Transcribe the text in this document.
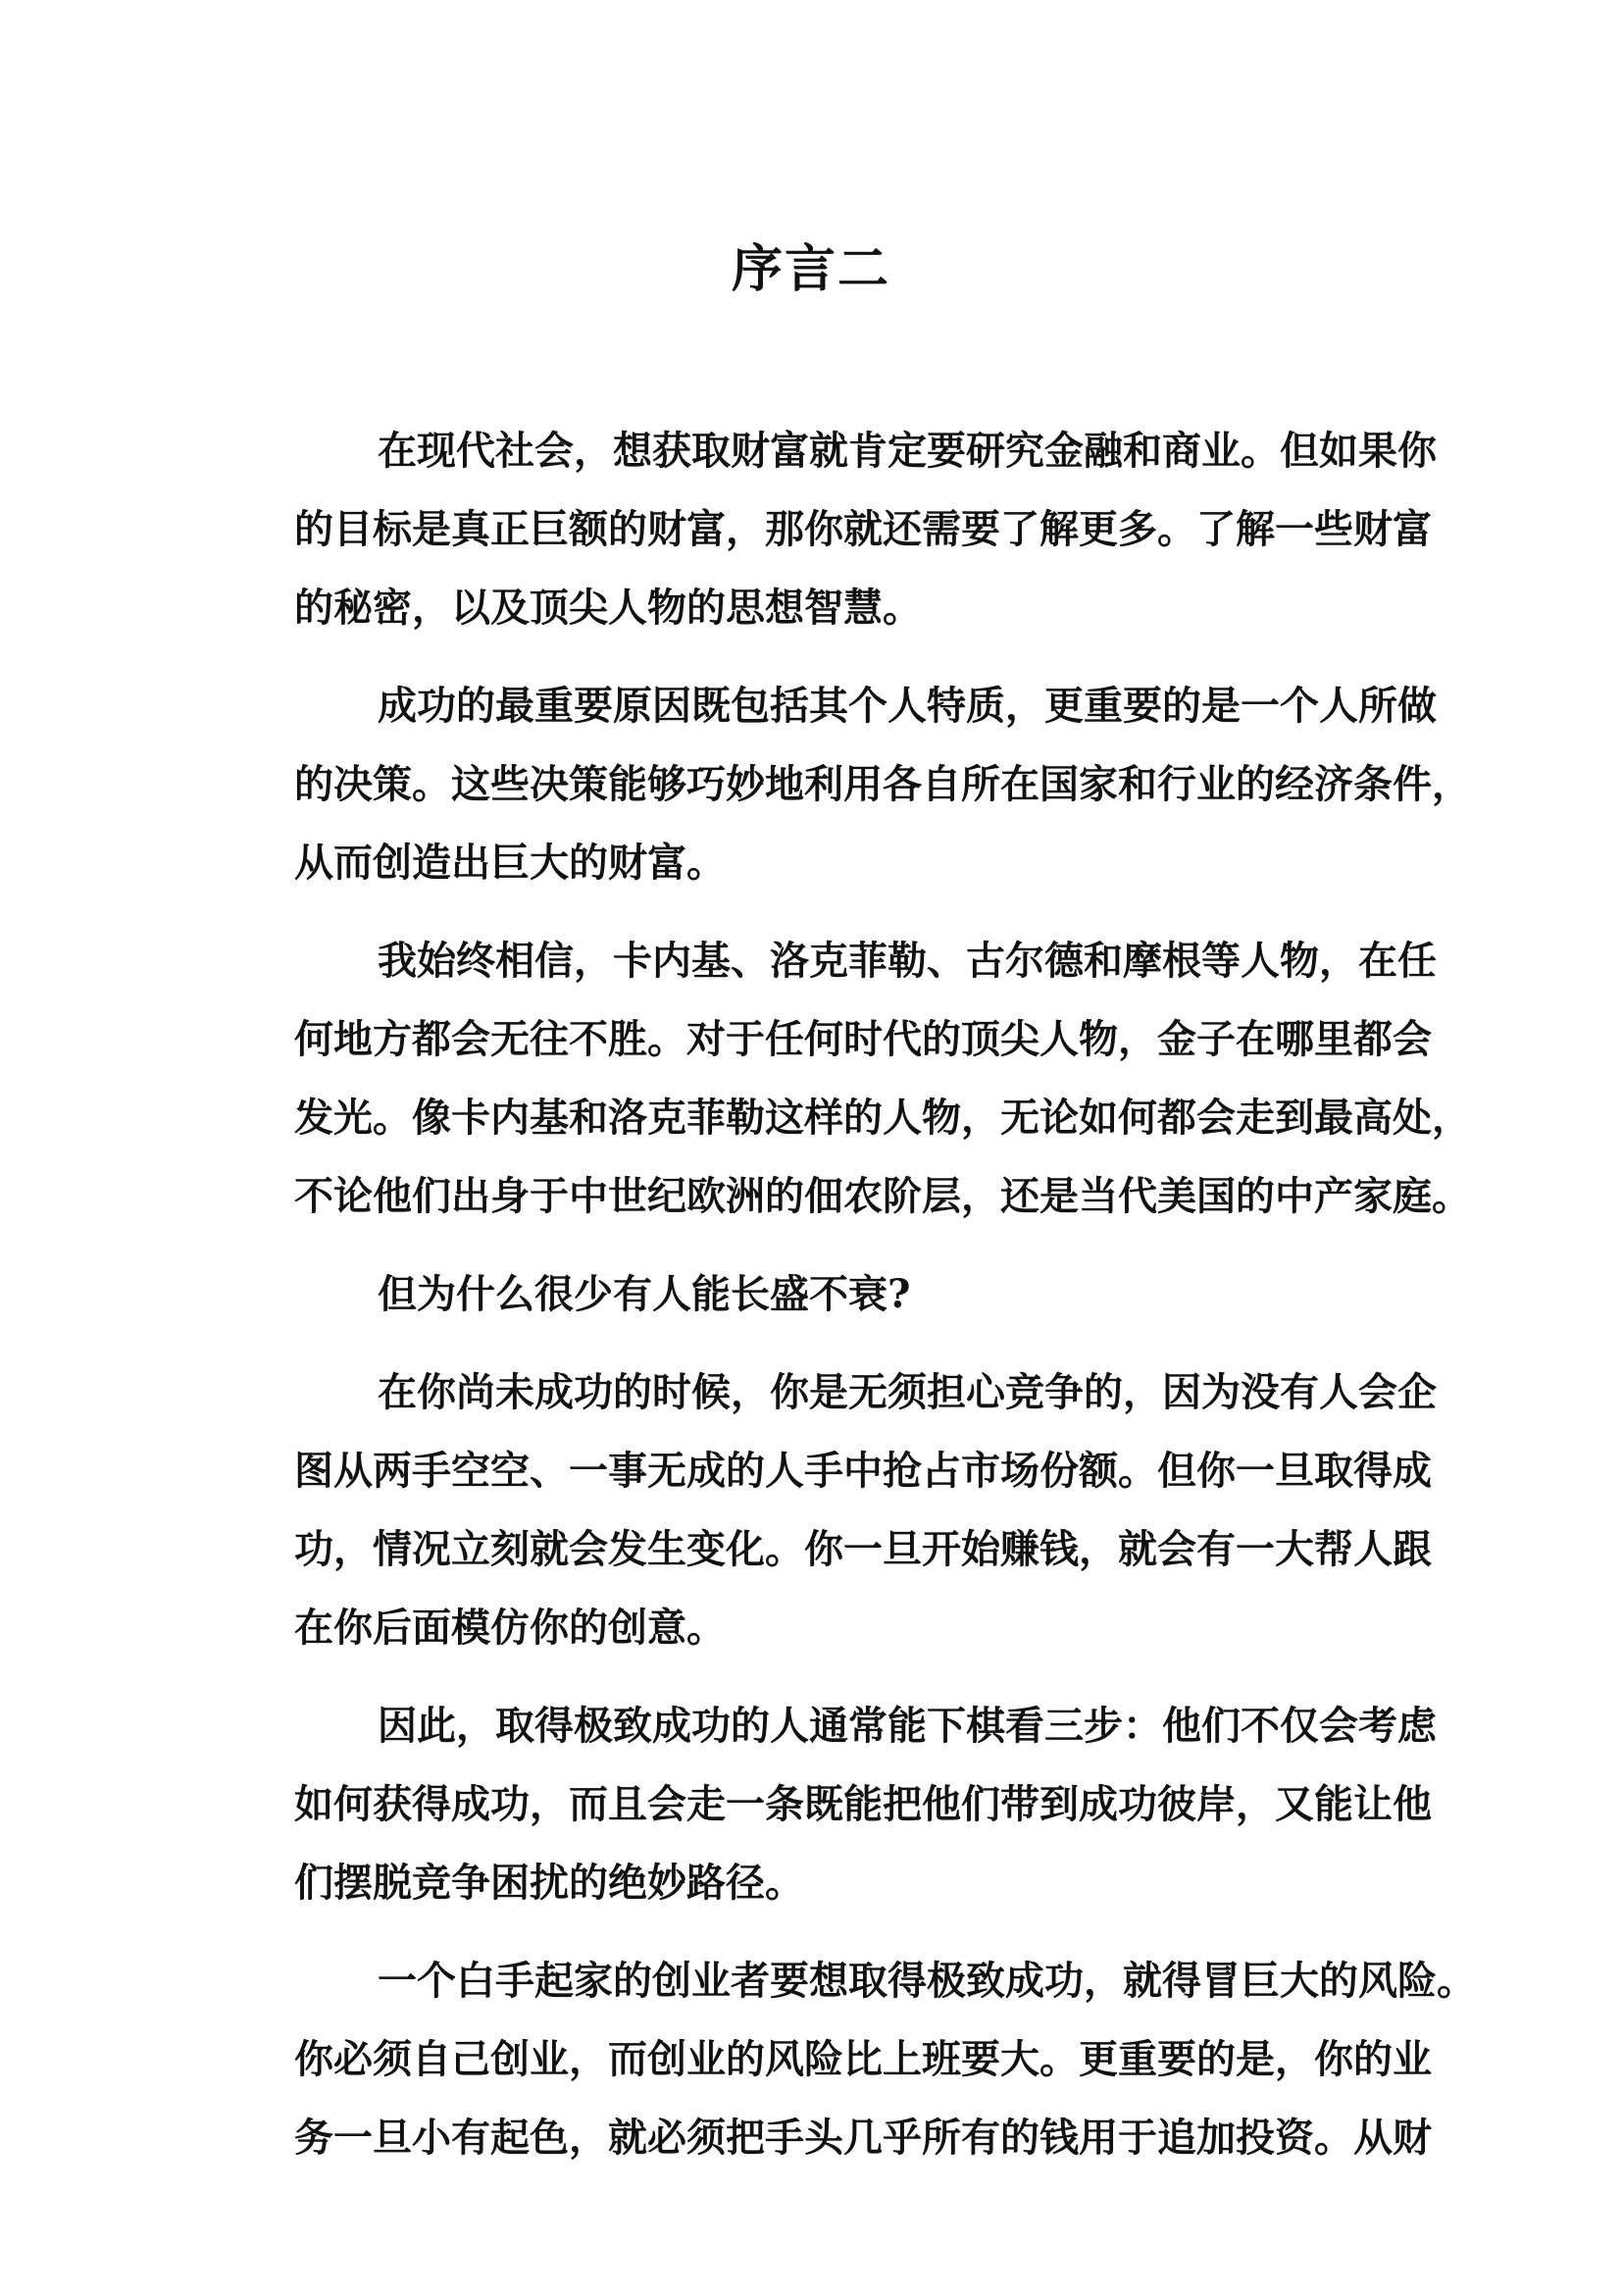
序言二

在现代社会，想获取财富就肯定要研究金融和商业。但如果你
的目标是真正巨额的财富，那你就还需要了解更多。了解一些财富
的秘密，以及顶尖人物的思想智慧。

成功的最重要原因既包括其个人特质，更重要的是一个人所做
的决策。这些决策能够巧妙地利用各自所在国家和行业的经济条件，
从而创造出巨大的财富。

我始终相信，卡内基、洛克菲勒、古尔德和摩根等人物，在任
何地方都会无往不胜。对于任何时代的顶尖人物，金子在哪里都会
发光。像卡内基和洛克菲勒这样的人物，无论如何都会走到最高处，
不论他们出身于中世纪欧洲的佃农阶层，还是当代美国的中产家庭。

但为什么很少有人能长盛不衰?

在你尚未成功的时候，你是无须担心竞争的，因为没有人会企
图从两手空空、一事无成的人手中抢占市场份额。但你一旦取得成
功，情况立刻就会发生变化。你一旦开始赚钱，就会有一大帮人跟
在你后面模仿你的创意。

因此，取得极致成功的人通常能下棋看三步：他们不仅会考虑
如何获得成功，而且会走一条既能把他们带到成功彼岸，又能让他
们摆脱竞争困扰的绝妙路径。

一个白手起家的创业者要想取得极致成功，就得冒巨大的风险。
你必须自己创业，而创业的风险比上班要大。更重要的是，你的业
务一旦小有起色，就必须把手头几乎所有的钱用于追加投资。从财
